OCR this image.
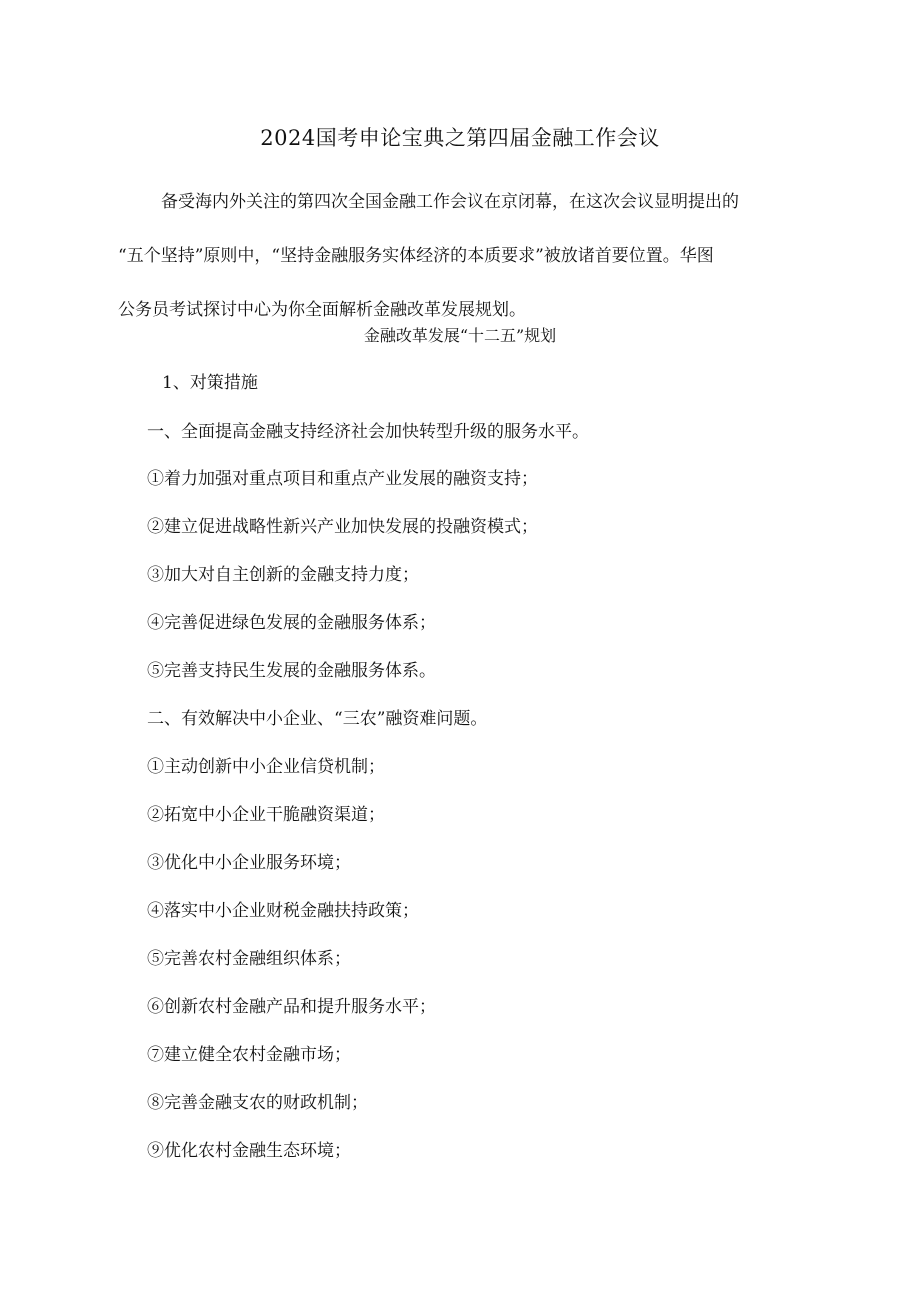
2024国考申论宝典之第四届金融工作会议

备受海内外关注的第四次全国金融工作会议在京闭幕，在这次会议显明提出的
“五个坚持”原则中，“坚持金融服务实体经济的本质要求”被放诸首要位置。华图
公务员考试探讨中心为你全面解析金融改革发展规划。

金融改革发展“十二五”规划

1、对策措施

一、全面提高金融支持经济社会加快转型升级的服务水平。

①着力加强对重点项目和重点产业发展的融资支持；

②建立促进战略性新兴产业加快发展的投融资模式；

③加大对自主创新的金融支持力度；

④完善促进绿色发展的金融服务体系；

⑤完善支持民生发展的金融服务体系。

二、有效解决中小企业、“三农”融资难问题。

①主动创新中小企业信贷机制；

②拓宽中小企业干脆融资渠道；

③优化中小企业服务环境；

④落实中小企业财税金融扶持政策；

⑤完善农村金融组织体系；

⑥创新农村金融产品和提升服务水平；

⑦建立健全农村金融市场；

⑧完善金融支农的财政机制；

⑨优化农村金融生态环境；
